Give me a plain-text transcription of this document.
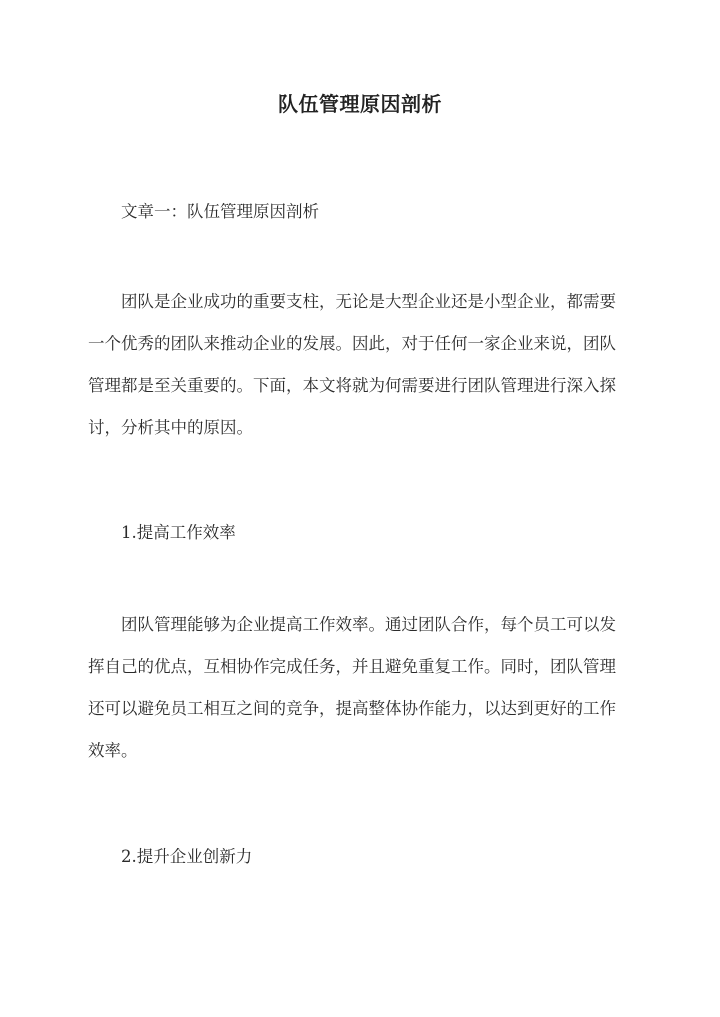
队伍管理原因剖析
文章一：队伍管理原因剖析
团队是企业成功的重要支柱，无论是大型企业还是小型企业，都需要
一个优秀的团队来推动企业的发展。因此，对于任何一家企业来说，团队
管理都是至关重要的。下面，本文将就为何需要进行团队管理进行深入探
讨，分析其中的原因。
1.提高工作效率
团队管理能够为企业提高工作效率。通过团队合作，每个员工可以发
挥自己的优点，互相协作完成任务，并且避免重复工作。同时，团队管理
还可以避免员工相互之间的竞争，提高整体协作能力，以达到更好的工作
效率。
2.提升企业创新力
